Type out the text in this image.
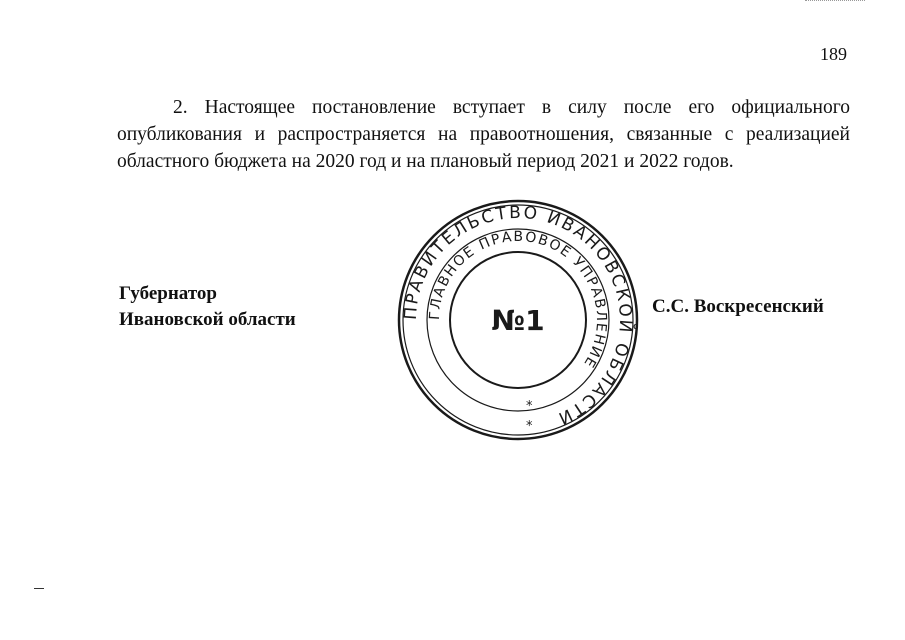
189

2. Настоящее постановление вступает в силу после его официального опубликования и распространяется на правоотношения, связанные с реализацией областного бюджета на 2020 год и на плановый период 2021 и 2022 годов.

Губернатор
Ивановской области	ПРАВИТЕЛЬСТВО ИВАНОВСКОЙ ОБЛАСТИ
ГЛАВНОЕ ПРАВОВОЕ УПРАВЛЕНИЕ
№1
*
*
С.С. Воскресенский
